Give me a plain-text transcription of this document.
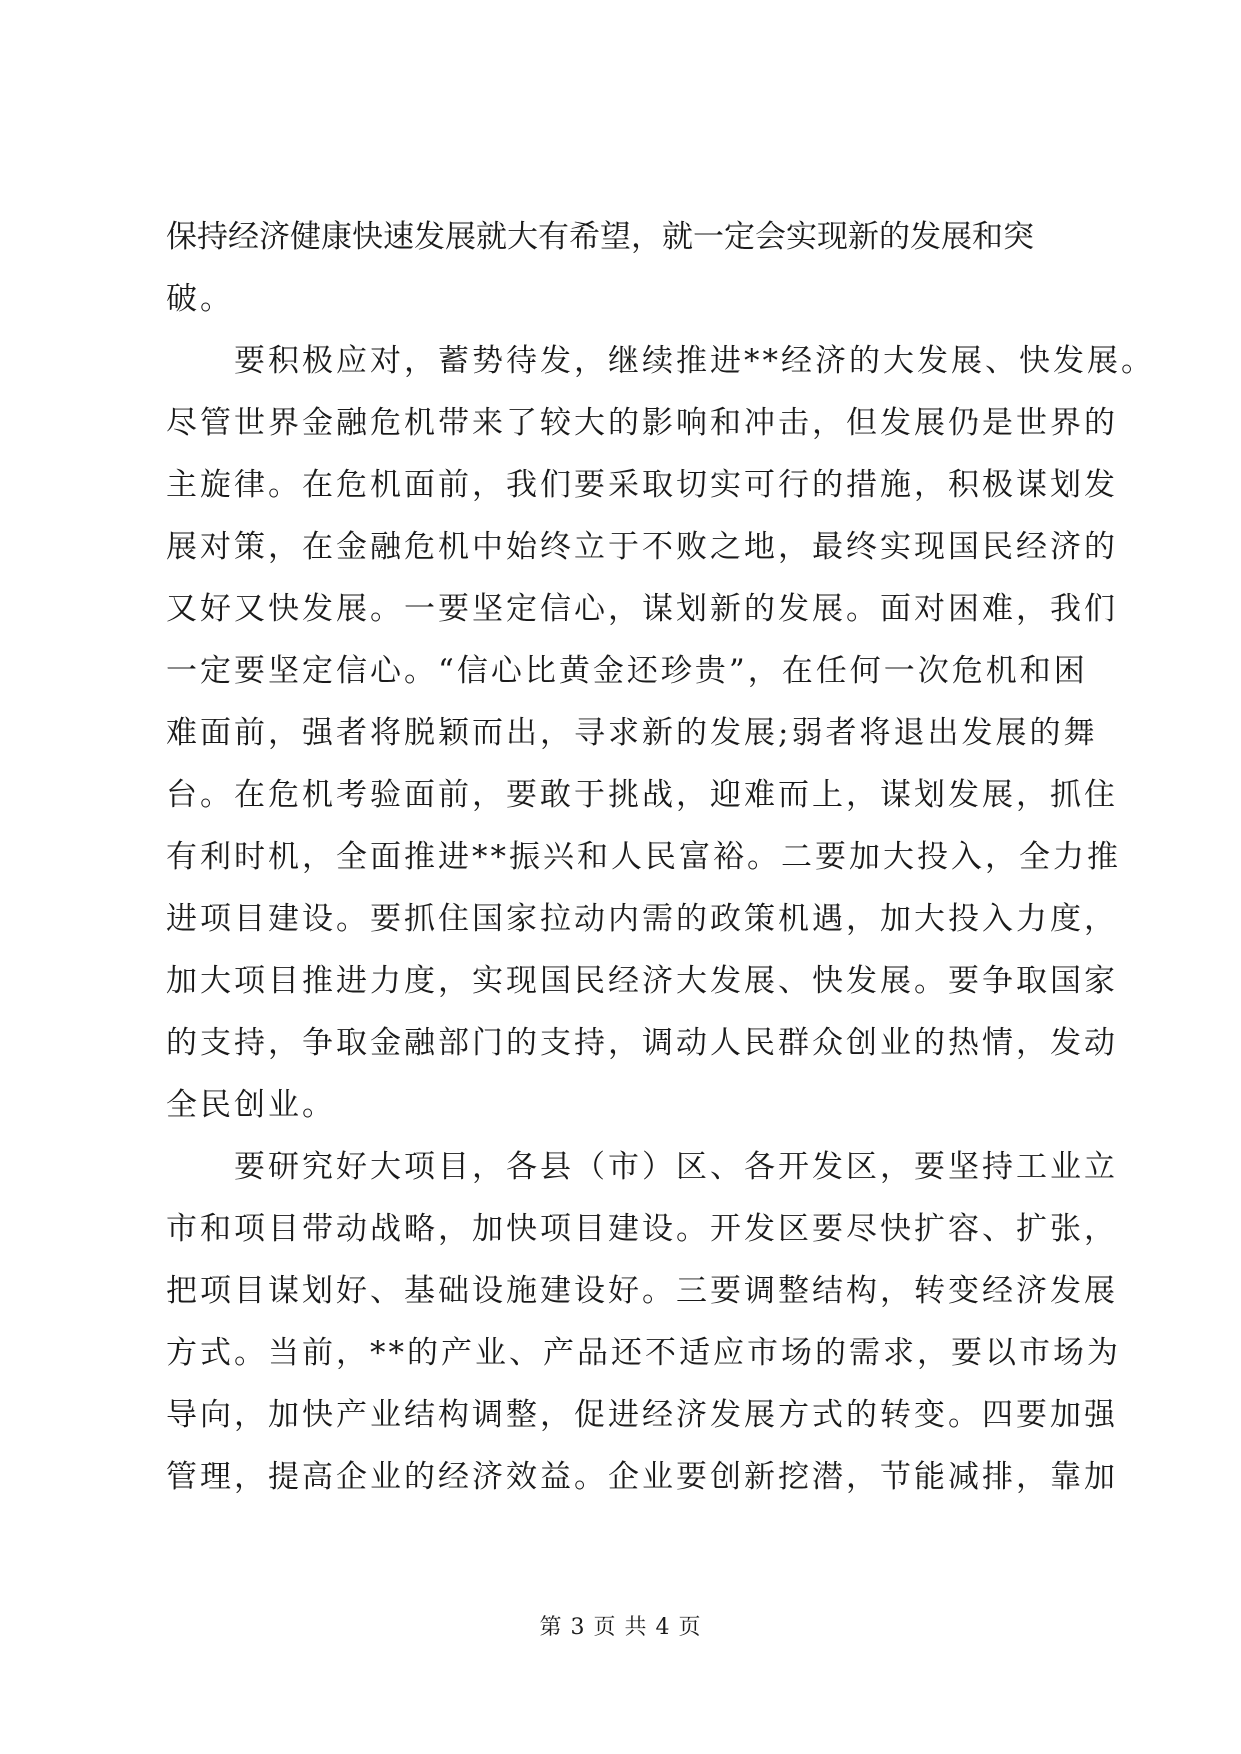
保持经济健康快速发展就大有希望，就一定会实现新的发展和突
破。
要积极应对，蓄势待发，继续推进**经济的大发展、快发展。
尽管世界金融危机带来了较大的影响和冲击，但发展仍是世界的
主旋律。在危机面前，我们要采取切实可行的措施，积极谋划发
展对策，在金融危机中始终立于不败之地，最终实现国民经济的
又好又快发展。一要坚定信心，谋划新的发展。面对困难，我们
一定要坚定信心。“信心比黄金还珍贵”，在任何一次危机和困
难面前，强者将脱颖而出，寻求新的发展;弱者将退出发展的舞
台。在危机考验面前，要敢于挑战，迎难而上，谋划发展，抓住
有利时机，全面推进**振兴和人民富裕。二要加大投入，全力推
进项目建设。要抓住国家拉动内需的政策机遇，加大投入力度，
加大项目推进力度，实现国民经济大发展、快发展。要争取国家
的支持，争取金融部门的支持，调动人民群众创业的热情，发动
全民创业。
要研究好大项目，各县（市）区、各开发区，要坚持工业立
市和项目带动战略，加快项目建设。开发区要尽快扩容、扩张，
把项目谋划好、基础设施建设好。三要调整结构，转变经济发展
方式。当前，**的产业、产品还不适应市场的需求，要以市场为
导向，加快产业结构调整，促进经济发展方式的转变。四要加强
管理，提高企业的经济效益。企业要创新挖潜，节能减排，靠加
第 3 页 共 4 页
